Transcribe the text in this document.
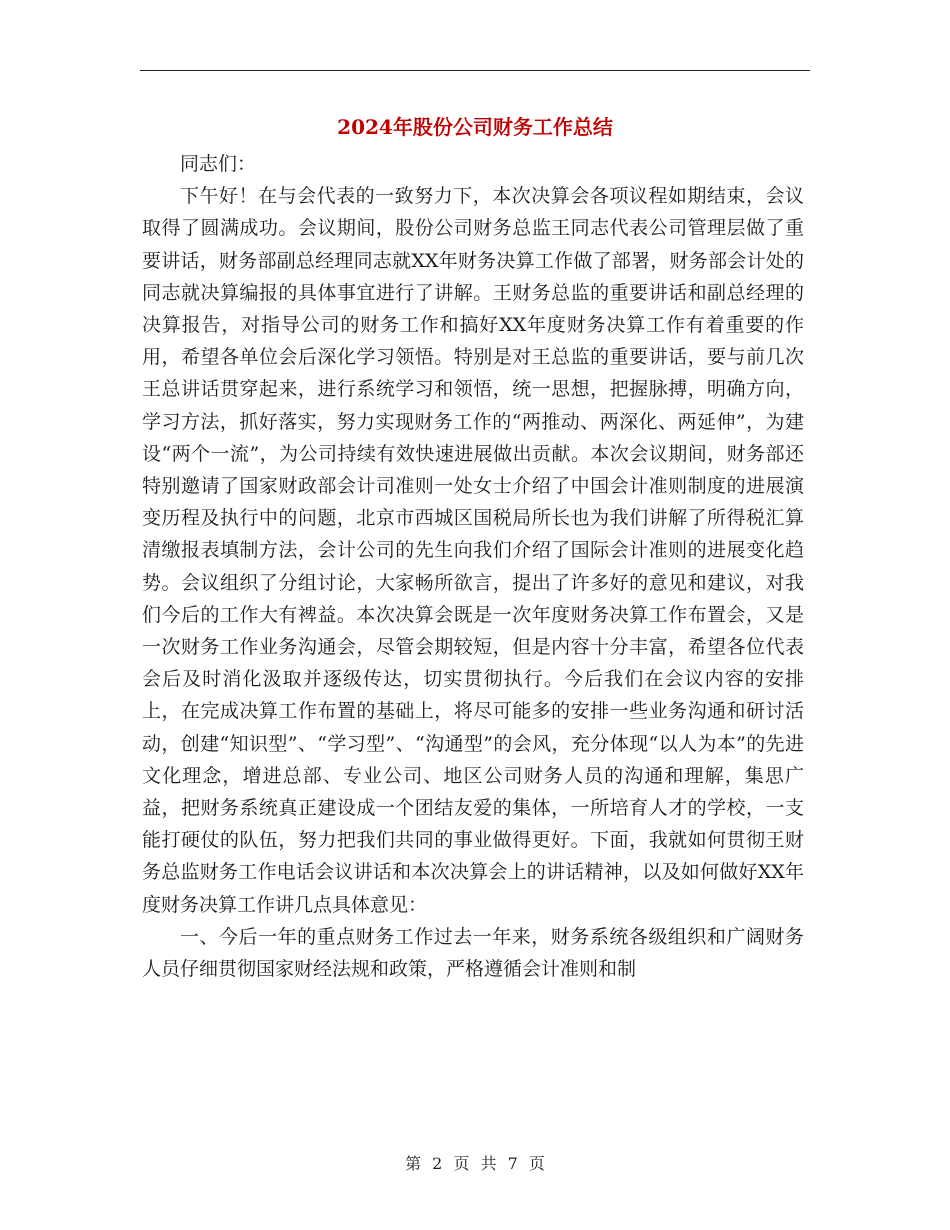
2024年股份公司财务工作总结

同志们：

下午好！在与会代表的一致努力下，本次决算会各项议程如期结束，会议取得了圆满成功。会议期间，股份公司财务总监王同志代表公司管理层做了重要讲话，财务部副总经理同志就XX年财务决算工作做了部署，财务部会计处的同志就决算编报的具体事宜进行了讲解。王财务总监的重要讲话和副总经理的决算报告，对指导公司的财务工作和搞好XX年度财务决算工作有着重要的作用，希望各单位会后深化学习领悟。特别是对王总监的重要讲话，要与前几次王总讲话贯穿起来，进行系统学习和领悟，统一思想，把握脉搏，明确方向，学习方法，抓好落实，努力实现财务工作的“两推动、两深化、两延伸”，为建设“两个一流”，为公司持续有效快速进展做出贡献。本次会议期间，财务部还特别邀请了国家财政部会计司准则一处女士介绍了中国会计准则制度的进展演变历程及执行中的问题，北京市西城区国税局所长也为我们讲解了所得税汇算清缴报表填制方法，会计公司的先生向我们介绍了国际会计准则的进展变化趋势。会议组织了分组讨论，大家畅所欲言，提出了许多好的意见和建议，对我们今后的工作大有裨益。本次决算会既是一次年度财务决算工作布置会，又是一次财务工作业务沟通会，尽管会期较短，但是内容十分丰富，希望各位代表会后及时消化汲取并逐级传达，切实贯彻执行。今后我们在会议内容的安排上，在完成决算工作布置的基础上，将尽可能多的安排一些业务沟通和研讨活动，创建“知识型”、“学习型”、“沟通型”的会风，充分体现“以人为本”的先进文化理念，增进总部、专业公司、地区公司财务人员的沟通和理解，集思广益，把财务系统真正建设成一个团结友爱的集体，一所培育人才的学校，一支能打硬仗的队伍，努力把我们共同的事业做得更好。下面，我就如何贯彻王财务总监财务工作电话会议讲话和本次决算会上的讲话精神，以及如何做好XX年度财务决算工作讲几点具体意见：

一、今后一年的重点财务工作过去一年来，财务系统各级组织和广阔财务人员仔细贯彻国家财经法规和政策，严格遵循会计准则和制

第 2 页 共 7 页
